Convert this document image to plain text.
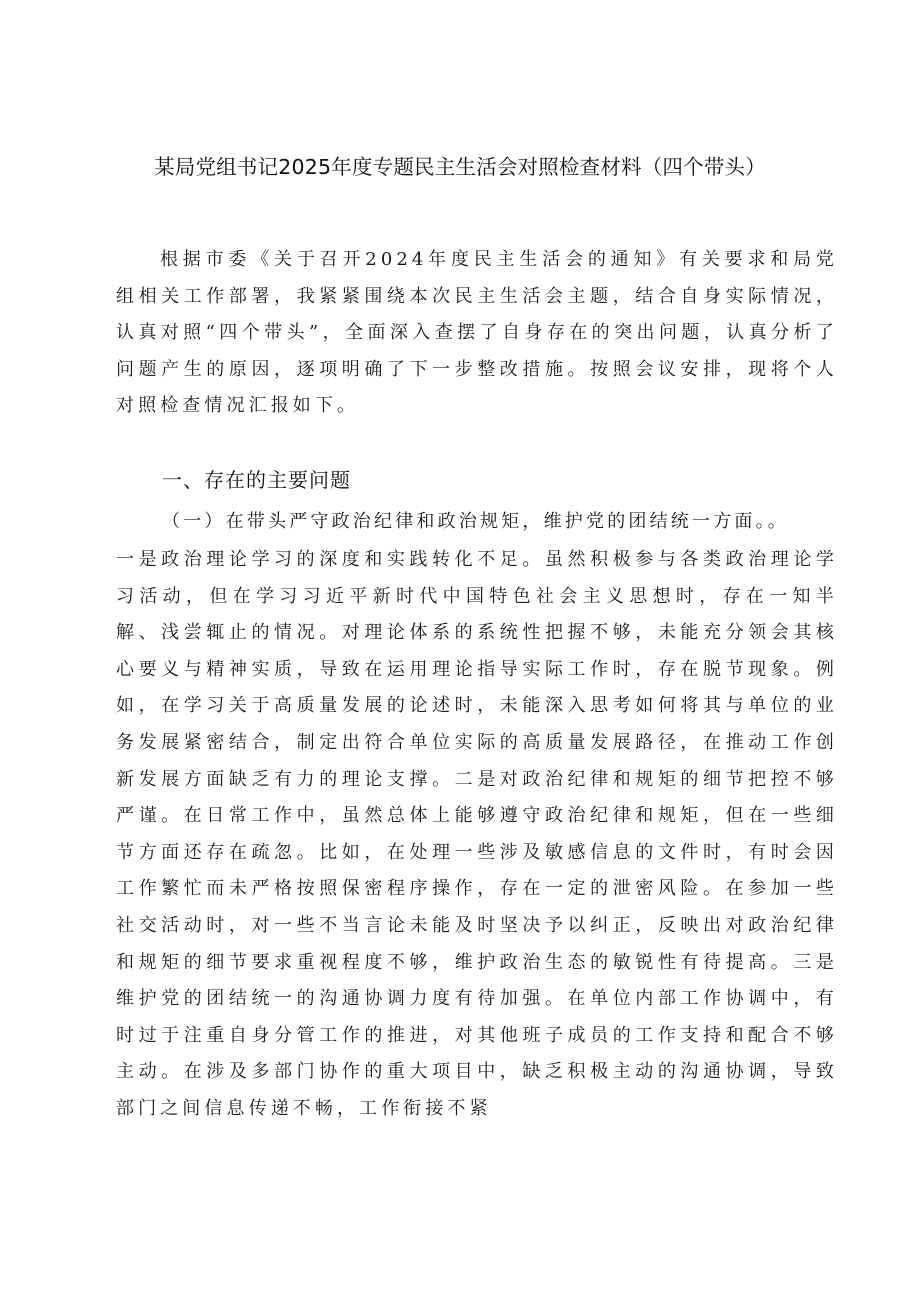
某局党组书记2025年度专题民主生活会对照检查材料（四个带头）

根据市委《关于召开2024年度民主生活会的通知》有关要求和局党组相关工作部署，我紧紧围绕本次民主生活会主题，结合自身实际情况，认真对照“四个带头”，全面深入查摆了自身存在的突出问题，认真分析了问题产生的原因，逐项明确了下一步整改措施。按照会议安排，现将个人对照检查情况汇报如下。

一、存在的主要问题

（一）在带头严守政治纪律和政治规矩，维护党的团结统一方面。。

一是政治理论学习的深度和实践转化不足。虽然积极参与各类政治理论学习活动，但在学习习近平新时代中国特色社会主义思想时，存在一知半解、浅尝辄止的情况。对理论体系的系统性把握不够，未能充分领会其核心要义与精神实质，导致在运用理论指导实际工作时，存在脱节现象。例如，在学习关于高质量发展的论述时，未能深入思考如何将其与单位的业务发展紧密结合，制定出符合单位实际的高质量发展路径，在推动工作创新发展方面缺乏有力的理论支撑。二是对政治纪律和规矩的细节把控不够严谨。在日常工作中，虽然总体上能够遵守政治纪律和规矩，但在一些细节方面还存在疏忽。比如，在处理一些涉及敏感信息的文件时，有时会因工作繁忙而未严格按照保密程序操作，存在一定的泄密风险。在参加一些社交活动时，对一些不当言论未能及时坚决予以纠正，反映出对政治纪律和规矩的细节要求重视程度不够，维护政治生态的敏锐性有待提高。三是维护党的团结统一的沟通协调力度有待加强。在单位内部工作协调中，有时过于注重自身分管工作的推进，对其他班子成员的工作支持和配合不够主动。在涉及多部门协作的重大项目中，缺乏积极主动的沟通协调，导致部门之间信息传递不畅，工作衔接不紧
